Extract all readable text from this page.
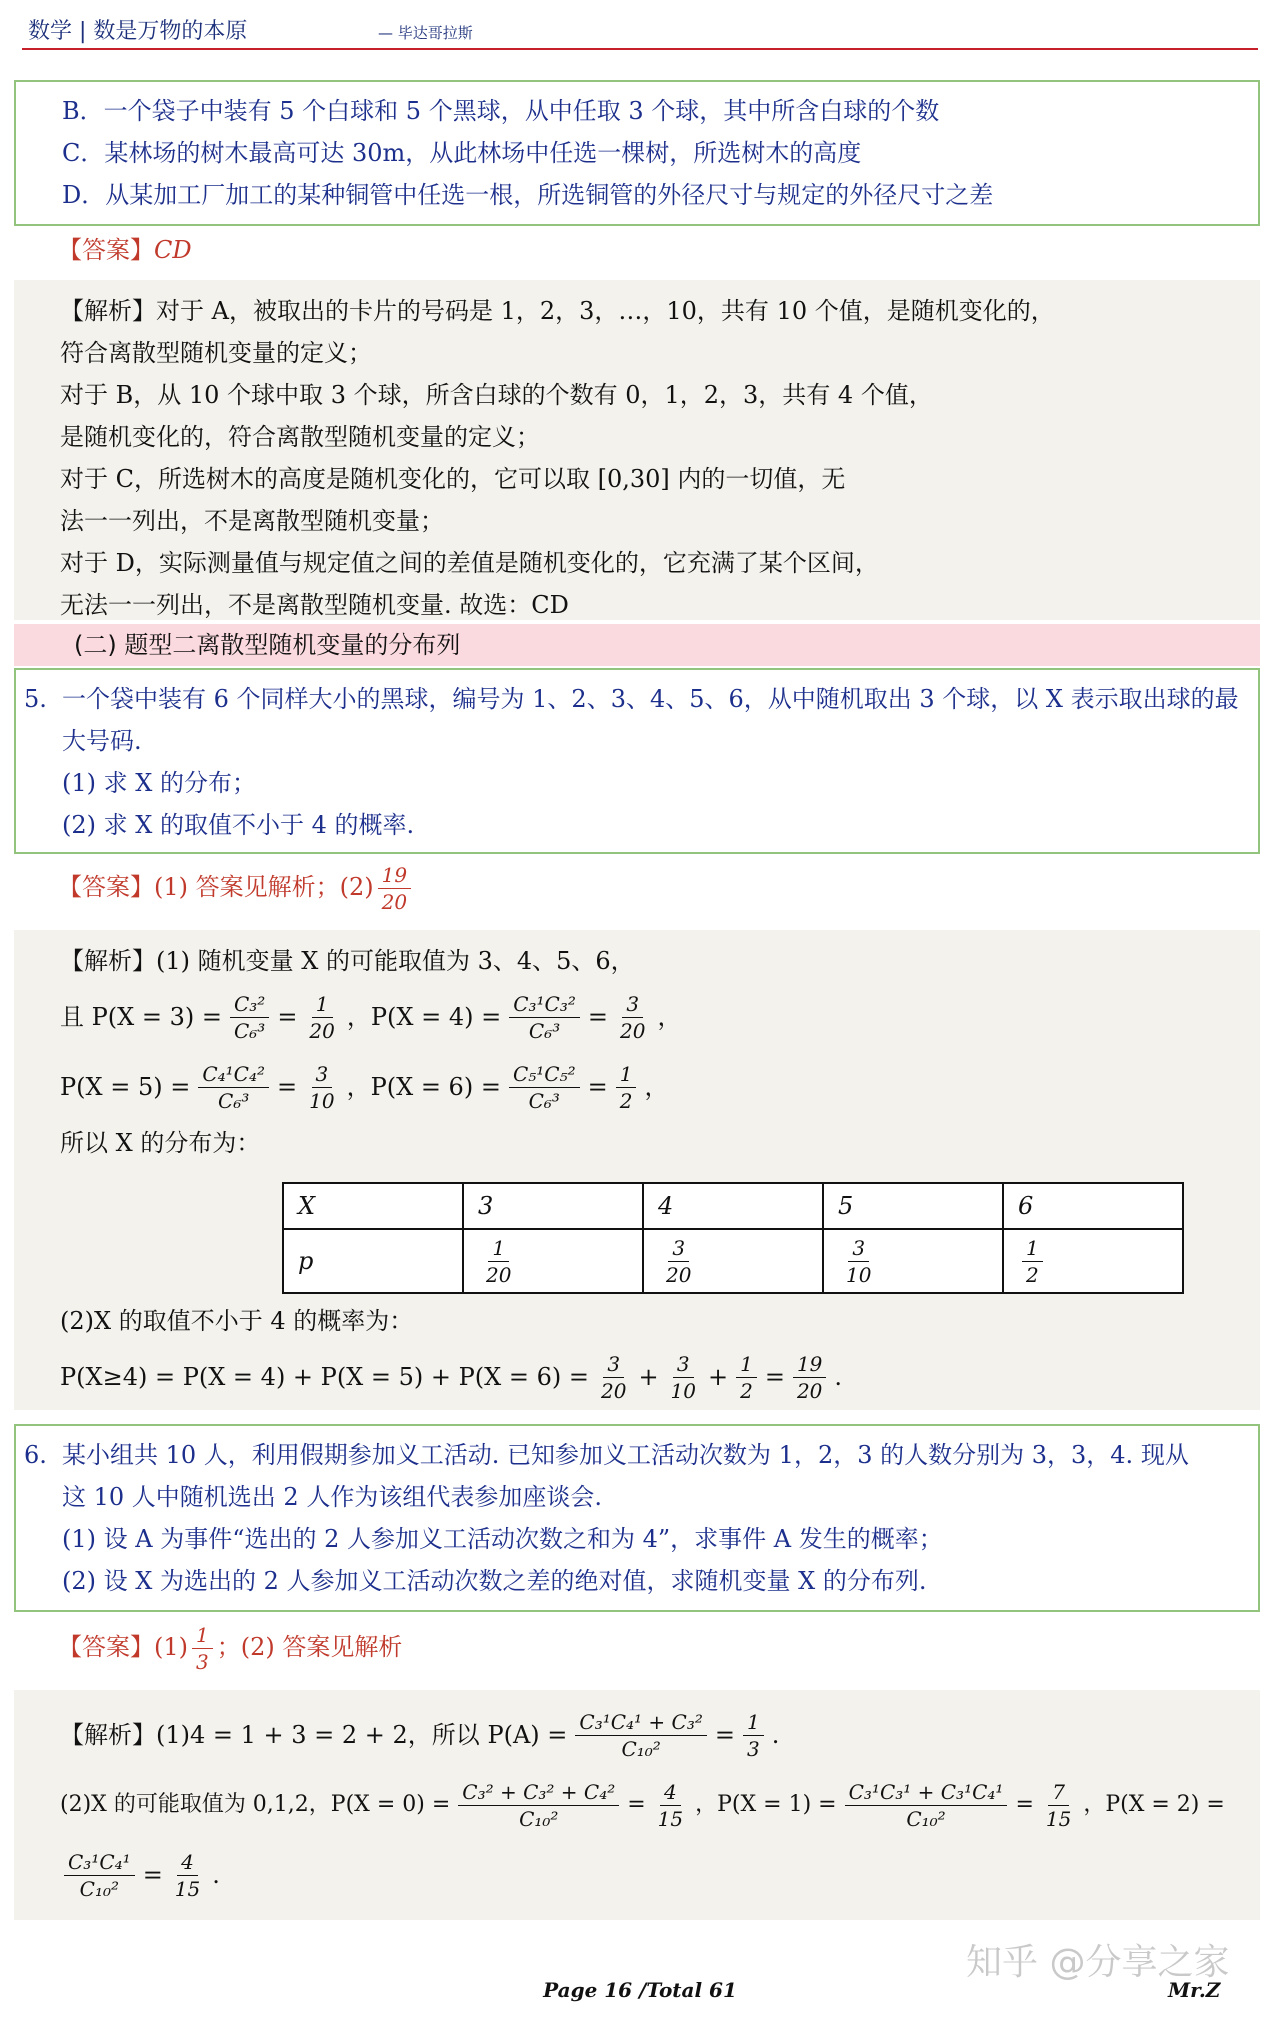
数学 | 数是万物的本原	— 毕达哥拉斯
B．一个袋子中装有 5 个白球和 5 个黑球，从中任取 3 个球，其中所含白球的个数
C．某林场的树木最高可达 30m，从此林场中任选一棵树，所选树木的高度
D．从某加工厂加工的某种铜管中任选一根，所选铜管的外径尺寸与规定的外径尺寸之差
【答案】CD
【解析】对于 A，被取出的卡片的号码是 1，2，3，…，10，共有 10 个值，是随机变化的，
符合离散型随机变量的定义；
对于 B，从 10 个球中取 3 个球，所含白球的个数有 0，1，2，3，共有 4 个值，
是随机变化的，符合离散型随机变量的定义；
对于 C，所选树木的高度是随机变化的，它可以取 [0,30] 内的一切值，无
法一一列出，不是离散型随机变量；
对于 D，实际测量值与规定值之间的差值是随机变化的，它充满了某个区间，
无法一一列出，不是离散型随机变量. 故选：CD
(二) 题型二离散型随机变量的分布列
5. 一个袋中装有 6 个同样大小的黑球，编号为 1、2、3、4、5、6，从中随机取出 3 个球，以 X 表示取出球的最
大号码.
(1) 求 X 的分布；
(2) 求 X 的取值不小于 4 的概率.
【答案】(1) 答案见解析；$(2) \frac{19}{20}$
【解析】(1) 随机变量 X 的可能取值为 3、4、5、6，
且 $P(X = 3) = \frac{\text{C₃²}}{\text{C₆³}} = \frac{1}{20}$ ，$P(X = 4) = \frac{\text{C₃¹C₃²}}{\text{C₆³}} = \frac{3}{20}$ ，
$P(X = 5) = \frac{\text{C₄¹C₄²}}{\text{C₆³}} = \frac{3}{10}$ ，$P(X = 6) = \frac{\text{C₅¹C₅²}}{\text{C₆³}} = \frac{1}{2}$ ，
所以 X 的分布为：
X	3	4	5	6
p	$\frac{1}{20}$	$\frac{3}{20}$	$\frac{3}{10}$	$\frac{1}{2}$
(2)X 的取值不小于 4 的概率为：
$P(X\ge 4) = P(X = 4) + P(X = 5) + P(X = 6) = \frac{3}{20} + \frac{3}{10} + \frac{1}{2} = \frac{19}{20}$ .
6. 某小组共 10 人，利用假期参加义工活动. 已知参加义工活动次数为 1，2，3 的人数分别为 3，3，4. 现从
这 10 人中随机选出 2 人作为该组代表参加座谈会.
(1) 设 A 为事件“选出的 2 人参加义工活动次数之和为 4”，求事件 A 发生的概率；
(2) 设 X 为选出的 2 人参加义工活动次数之差的绝对值，求随机变量 X 的分布列.
【答案】$(1) \frac{1}{3}$ ；(2) 答案见解析
【解析】(1)4 = 1 + 3 = 2 + 2，所以 $P(A) = \frac{\text{C₃¹C₄¹ + C₃²}}{\text{C₁₀²}} = \frac{1}{3}$ .
(2)X 的可能取值为 0,1,2，$P(X = 0) = \frac{\text{C₃² + C₃² + C₄²}}{\text{C₁₀²}} = \frac{4}{15}$ ，$P(X = 1) = \frac{\text{C₃¹C₃¹ + C₃¹C₄¹}}{\text{C₁₀²}} = \frac{7}{15}$ ，P(X = 2) =
$\frac{\text{C₃¹C₄¹}}{\text{C₁₀²}} = \frac{4}{15}$ .
知乎 @分享之家
Page 16 /Total 61	Mr.Z
